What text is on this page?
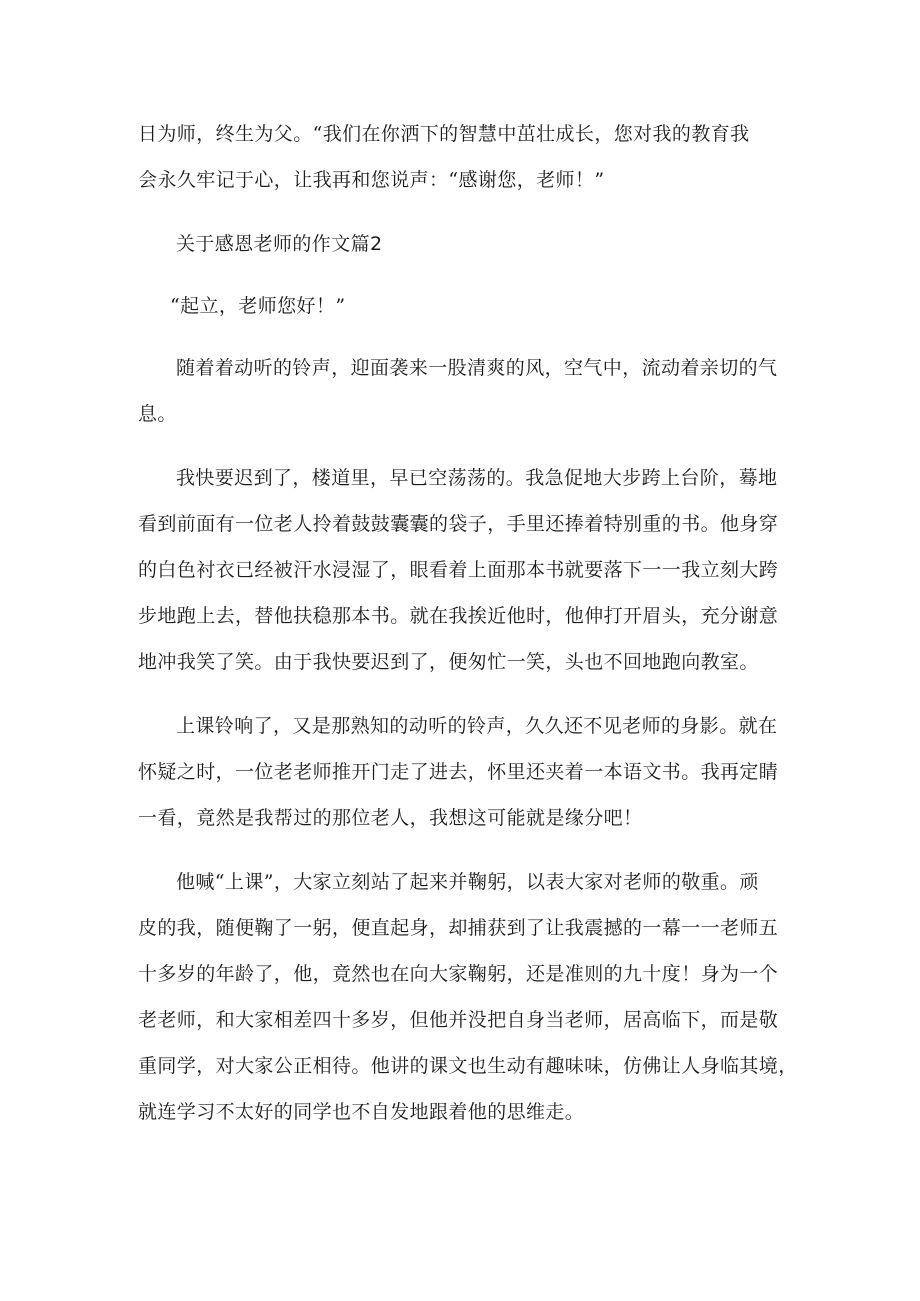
日为师，终生为父。“我们在你洒下的智慧中茁壮成长，您对我的教育我
会永久牢记于心，让我再和您说声：“感谢您，老师！”
关于感恩老师的作文篇2
“起立，老师您好！”
随着着动听的铃声，迎面袭来一股清爽的风，空气中，流动着亲切的气
息。
我快要迟到了，楼道里，早已空荡荡的。我急促地大步跨上台阶，蓦地
看到前面有一位老人拎着鼓鼓囊囊的袋子，手里还捧着特别重的书。他身穿
的白色衬衣已经被汗水浸湿了，眼看着上面那本书就要落下一一我立刻大跨
步地跑上去，替他扶稳那本书。就在我挨近他时，他伸打开眉头，充分谢意
地冲我笑了笑。由于我快要迟到了，便匆忙一笑，头也不回地跑向教室。
上课铃响了，又是那熟知的动听的铃声，久久还不见老师的身影。就在
怀疑之时，一位老老师推开门走了进去，怀里还夹着一本语文书。我再定睛
一看，竟然是我帮过的那位老人，我想这可能就是缘分吧！
他喊“上课”，大家立刻站了起来并鞠躬，以表大家对老师的敬重。顽
皮的我，随便鞠了一躬，便直起身，却捕获到了让我震撼的一幕一一老师五
十多岁的年龄了，他，竟然也在向大家鞠躬，还是准则的九十度！身为一个
老老师，和大家相差四十多岁，但他并没把自身当老师，居高临下，而是敬
重同学，对大家公正相待。他讲的课文也生动有趣味味，仿佛让人身临其境，
就连学习不太好的同学也不自发地跟着他的思维走。
